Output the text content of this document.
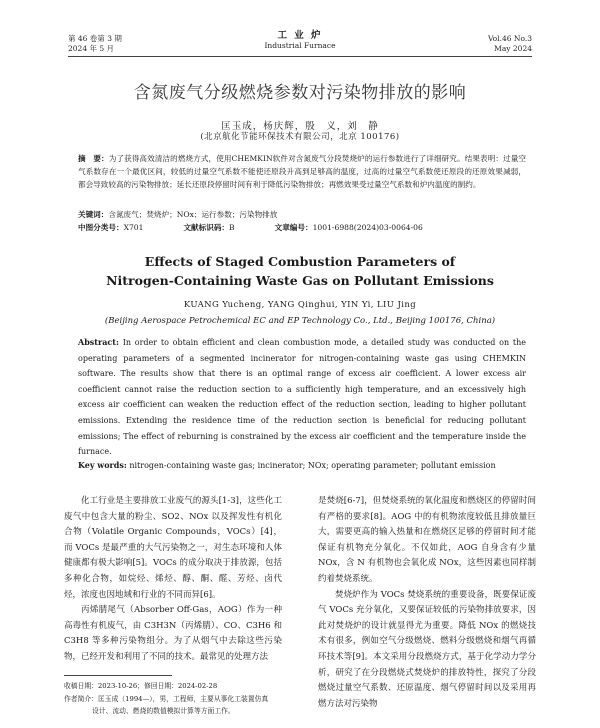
第 46 卷第 3 期
2024 年 5 月
工 业 炉
Industrial Furnace
Vol.46 No.3
May 2024
含氮废气分级燃烧参数对污染物排放的影响
匡玉成，杨庆辉，殷　义，刘　静
(北京航化节能环保技术有限公司，北京 100176)
摘　要：为了获得高效清洁的燃烧方式，使用CHEMKIN软件对含氮废气分段焚烧炉的运行参数进行了详细研究。结果表明：过量空气系数存在一个最优区间，较低的过量空气系数不能使还原段升高到足够高的温度，过高的过量空气系数使还原段的还原效果减弱，都会导致较高的污染物排放；延长还原段停留时间有利于降低污染物排放；再燃效果受过量空气系数和炉内温度的制约。
关键词：含氮废气；焚烧炉；NOx；运行参数；污染物排放
中图分类号：X701	文献标识码：B	文章编号：1001-6988(2024)03-0064-06
Effects of Staged Combustion Parameters of
Nitrogen-Containing Waste Gas on Pollutant Emissions
KUANG Yucheng, YANG Qinghui, YIN Yi, LIU Jing
(Beijing Aerospace Petrochemical EC and EP Technology Co., Ltd., Beijing 100176, China)
Abstract: In order to obtain efficient and clean combustion mode, a detailed study was conducted on the operating parameters of a segmented incinerator for nitrogen-containing waste gas using CHEMKIN software. The results show that there is an optimal range of excess air coefficient. A lower excess air coefficient cannot raise the reduction section to a sufficiently high temperature, and an excessively high excess air coefficient can weaken the reduction effect of the reduction section, leading to higher pollutant emissions. Extending the residence time of the reduction section is beneficial for reducing pollutant emissions; The effect of reburning is constrained by the excess air coefficient and the temperature inside the furnace.
Key words: nitrogen-containing waste gas; incinerator; NOx; operating parameter; pollutant emission

化工行业是主要排放工业废气的源头[1-3]，这些化工废气中包含大量的粉尘、SO2、NOx 以及挥发性有机化合物（Volatile Organic Compounds，VOCs）[4]，而 VOCs 是最严重的大气污染物之一，对生态环境和人体健康都有极大影响[5]。VOCs 的成分取决于排放源，包括多种化合物，如烷烃、烯烃、醇、酮、醛、芳烃、卤代烃，浓度也因地域和行业的不同而异[6]。

丙烯腈尾气（Absorber Off-Gas，AOG）作为一种高毒性有机废气，由 C3H3N（丙烯腈）、CO、C3H6 和 C3H8 等多种污染物组分。为了从烟气中去除这些污染物，已经开发和利用了不同的技术。最常见的处理方法

是焚烧[6-7]，但焚烧系统的氧化温度和燃烧区的停留时间有严格的要求[8]。AOG 中的有机物浓度较低且排放量巨大，需要更高的输入热量和在燃烧区足够的停留时间才能保证有机物充分氧化。不仅如此，AOG 自身含有少量 NOx，含 N 有机物也会氧化成 NOx，这些因素也同样制约着焚烧系统。

焚烧炉作为 VOCs 焚烧系统的重要设备，既要保证废气 VOCs 充分氧化，又要保证较低的污染物排放要求，因此对焚烧炉的设计就显得尤为重要。降低 NOx 的燃烧技术有很多，例如空气分级燃烧、燃料分级燃烧和烟气再循环技术等[9]。本文采用分段燃烧方式，基于化学动力学分析，研究了在分段燃烧式焚烧炉的排放特性，探究了分段燃烧过量空气系数、还原温度、烟气停留时间以及采用再燃方法对污染物

收稿日期：2023-10-26；修回日期：2024-02-28
作者简介：匡玉成（1994—），男，工程师，主要从事化工装置仿真
设计、流动、燃烧的数值模拟计算等方面工作。
